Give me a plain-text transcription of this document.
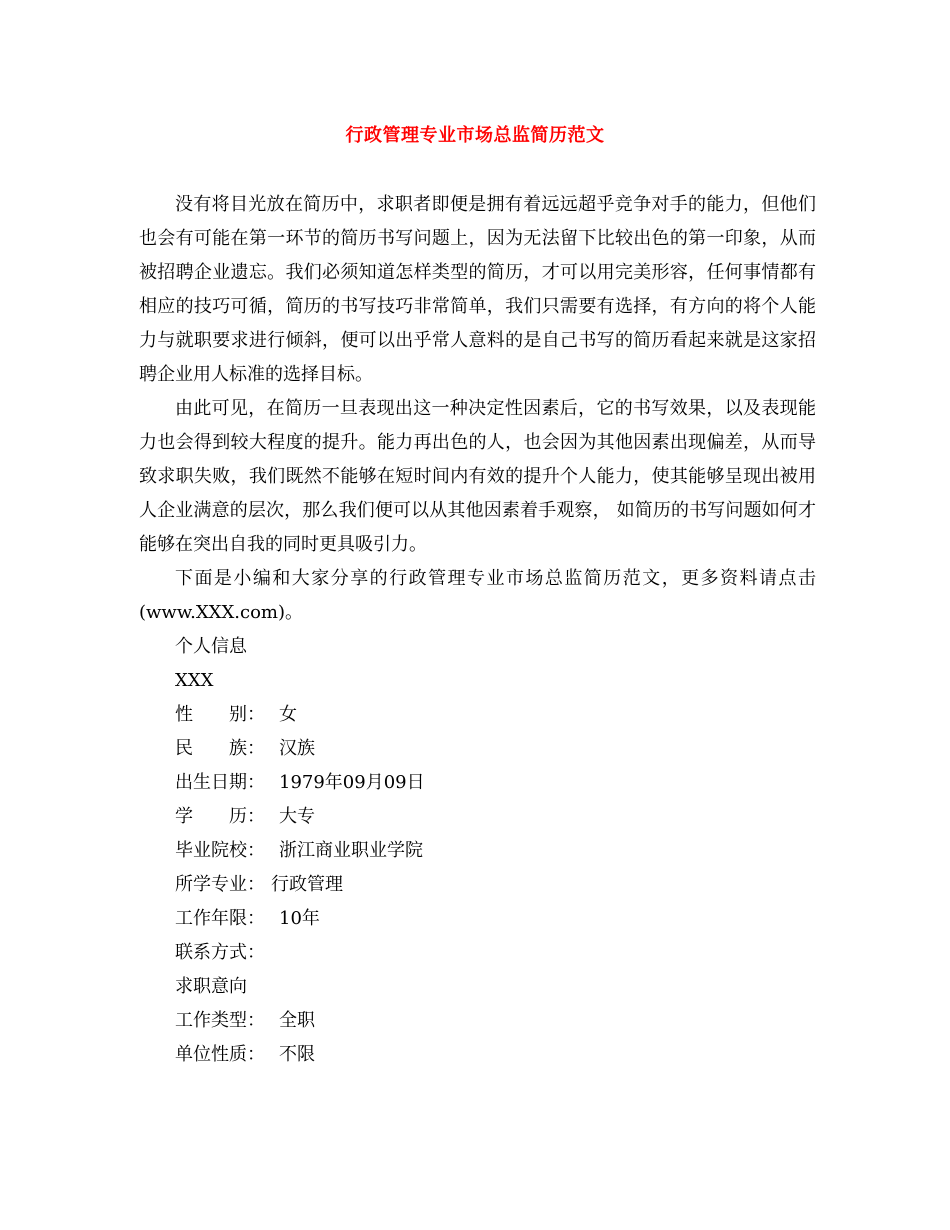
行政管理专业市场总监简历范文

没有将目光放在简历中，求职者即便是拥有着远远超乎竞争对手的能力，但他们也会有可能在第一环节的简历书写问题上，因为无法留下比较出色的第一印象，从而被招聘企业遗忘。我们必须知道怎样类型的简历，才可以用完美形容，任何事情都有相应的技巧可循，简历的书写技巧非常简单，我们只需要有选择，有方向的将个人能力与就职要求进行倾斜，便可以出乎常人意料的是自己书写的简历看起来就是这家招聘企业用人标准的选择目标。

由此可见，在简历一旦表现出这一种决定性因素后，它的书写效果，以及表现能力也会得到较大程度的提升。能力再出色的人，也会因为其他因素出现偏差，从而导致求职失败，我们既然不能够在短时间内有效的提升个人能力，使其能够呈现出被用人企业满意的层次，那么我们便可以从其他因素着手观察， 如简历的书写问题如何才能够在突出自我的同时更具吸引力。

下面是小编和大家分享的行政管理专业市场总监简历范文，更多资料请点击(www.XXX.com)。

个人信息
XXX
性　　别： 女
民　　族： 汉族
出生日期： 1979年09月09日
学　　历： 大专
毕业院校： 浙江商业职业学院
所学专业： 行政管理
工作年限： 10年
联系方式：
求职意向
工作类型： 全职
单位性质： 不限
